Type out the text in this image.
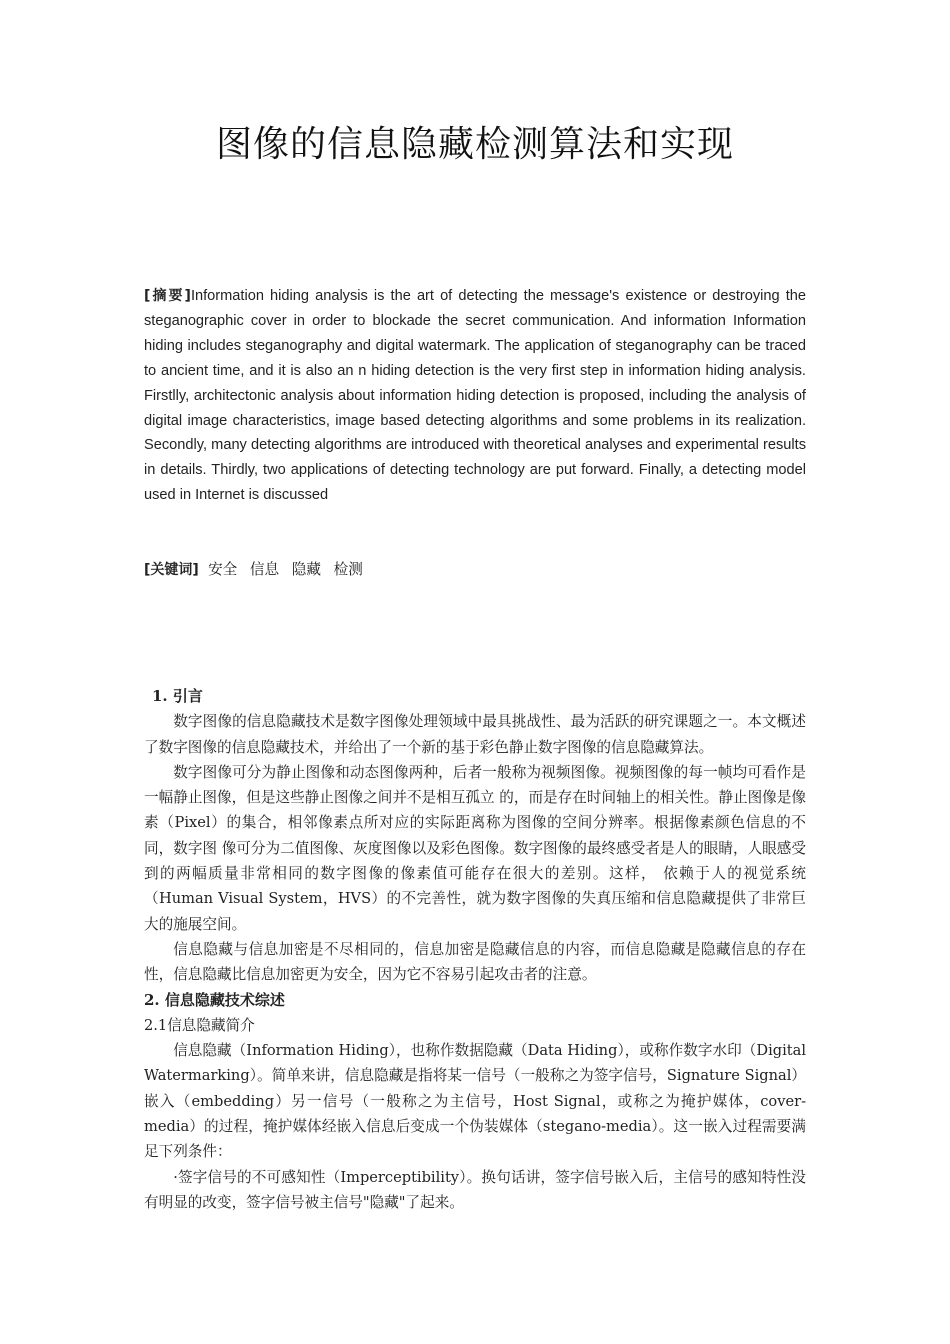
图像的信息隐藏检测算法和实现
[摘要]Information hiding analysis is the art of detecting the message's existence or destroying the steganographic cover in order to blockade the secret communication. And information Information hiding includes steganography and digital watermark. The application of steganography can be traced to ancient time, and it is also an n hiding detection is the very first step in information hiding analysis. Firstlly, architectonic analysis about information hiding detection is proposed, including the analysis of digital image characteristics, image based detecting algorithms and some problems in its realization. Secondly, many detecting algorithms are introduced with theoretical analyses and experimental results in details. Thirdly, two applications of detecting technology are put forward. Finally, a detecting model used in Internet is discussed
[关键词] 安全 信息 隐藏 检测
1. 引言

数字图像的信息隐藏技术是数字图像处理领域中最具挑战性、最为活跃的研究课题之一。本文概述了数字图像的信息隐藏技术，并给出了一个新的基于彩色静止数字图像的信息隐藏算法。

数字图像可分为静止图像和动态图像两种，后者一般称为视频图像。视频图像的每一帧均可看作是一幅静止图像，但是这些静止图像之间并不是相互孤立 的，而是存在时间轴上的相关性。静止图像是像素（Pixel）的集合，相邻像素点所对应的实际距离称为图像的空间分辨率。根据像素颜色信息的不同，数字图 像可分为二值图像、灰度图像以及彩色图像。数字图像的最终感受者是人的眼睛，人眼感受到的两幅质量非常相同的数字图像的像素值可能存在很大的差别。这样， 依赖于人的视觉系统（Human Visual System，HVS）的不完善性，就为数字图像的失真压缩和信息隐藏提供了非常巨大的施展空间。

信息隐藏与信息加密是不尽相同的，信息加密是隐藏信息的内容，而信息隐藏是隐藏信息的存在性，信息隐藏比信息加密更为安全，因为它不容易引起攻击者的注意。

2. 信息隐藏技术综述
2.1信息隐藏简介

信息隐藏（Information Hiding），也称作数据隐藏（Data Hiding），或称作数字水印（Digital Watermarking）。简单来讲，信息隐藏是指将某一信号（一般称之为签字信号，Signature Signal）嵌入（embedding）另一信号（一般称之为主信号，Host Signal，或称之为掩护媒体，cover-media）的过程，掩护媒体经嵌入信息后变成一个伪装媒体（stegano-media）。这一嵌入过程需要满足下列条件：

·签字信号的不可感知性（Imperceptibility）。换句话讲，签字信号嵌入后，主信号的感知特性没有明显的改变，签字信号被主信号"隐藏"了起来。
